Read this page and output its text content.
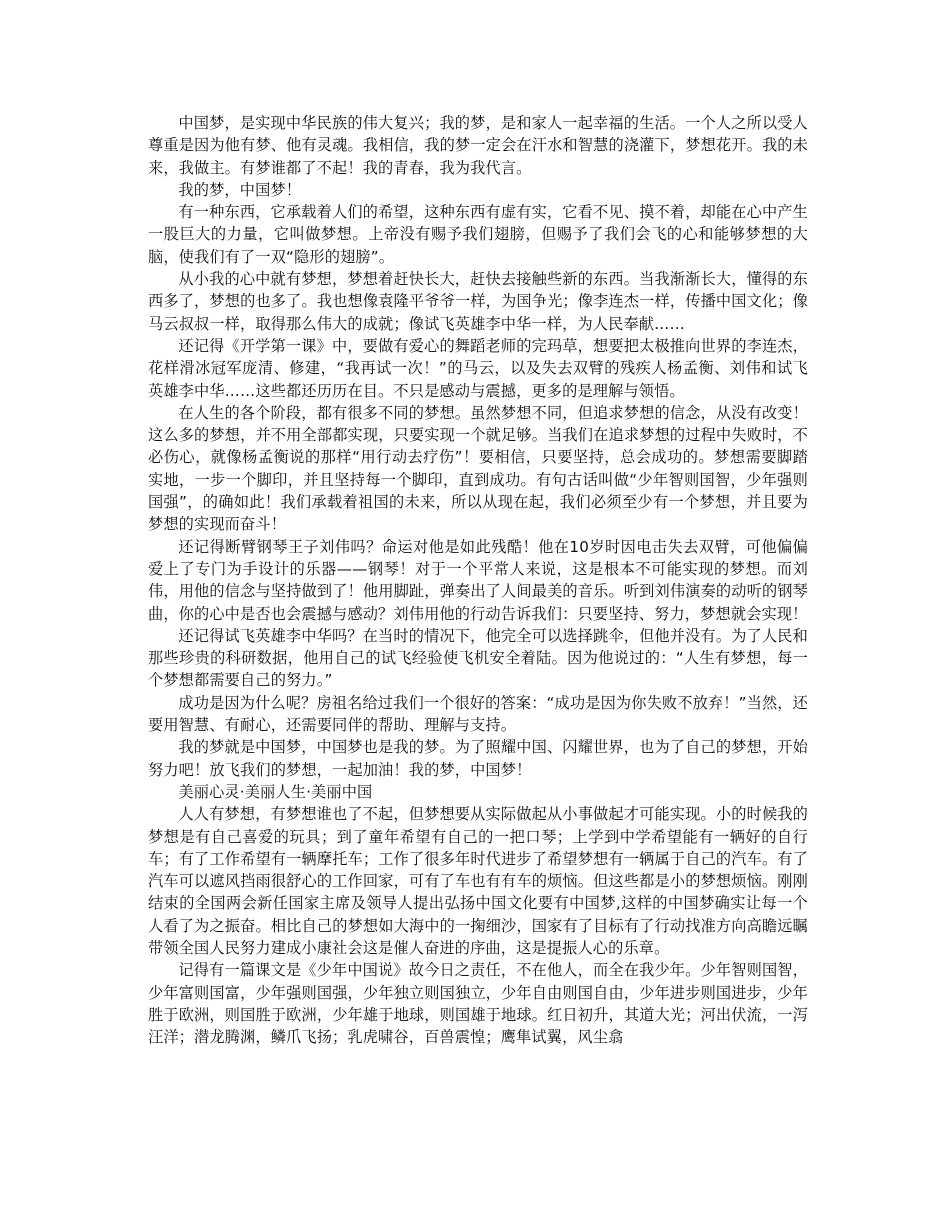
中国梦，是实现中华民族的伟大复兴；我的梦，是和家人一起幸福的生活。一个人之所以受人尊重是因为他有梦、他有灵魂。我相信，我的梦一定会在汗水和智慧的浇灌下，梦想花开。我的未来，我做主。有梦谁都了不起！我的青春，我为我代言。

我的梦，中国梦！

有一种东西，它承载着人们的希望，这种东西有虚有实，它看不见、摸不着，却能在心中产生一股巨大的力量，它叫做梦想。上帝没有赐予我们翅膀，但赐予了我们会飞的心和能够梦想的大脑，使我们有了一双“隐形的翅膀”。

从小我的心中就有梦想，梦想着赶快长大，赶快去接触些新的东西。当我渐渐长大，懂得的东西多了，梦想的也多了。我也想像袁隆平爷爷一样，为国争光；像李连杰一样，传播中国文化；像马云叔叔一样，取得那么伟大的成就；像试飞英雄李中华一样，为人民奉献……

还记得《开学第一课》中，要做有爱心的舞蹈老师的完玛草，想要把太极推向世界的李连杰，花样滑冰冠军庞清、修建，“我再试一次！”的马云，以及失去双臂的残疾人杨孟衡、刘伟和试飞英雄李中华……这些都还历历在目。不只是感动与震撼，更多的是理解与领悟。

在人生的各个阶段，都有很多不同的梦想。虽然梦想不同，但追求梦想的信念，从没有改变！这么多的梦想，并不用全部都实现，只要实现一个就足够。当我们在追求梦想的过程中失败时，不必伤心，就像杨孟衡说的那样“用行动去疗伤”！要相信，只要坚持，总会成功的。梦想需要脚踏实地，一步一个脚印，并且坚持每一个脚印，直到成功。有句古话叫做“少年智则国智，少年强则国强”，的确如此！我们承载着祖国的未来，所以从现在起，我们必须至少有一个梦想，并且要为梦想的实现而奋斗！

还记得断臂钢琴王子刘伟吗？命运对他是如此残酷！他在10岁时因电击失去双臂，可他偏偏爱上了专门为手设计的乐器——钢琴！对于一个平常人来说，这是根本不可能实现的梦想。而刘伟，用他的信念与坚持做到了！他用脚趾，弹奏出了人间最美的音乐。听到刘伟演奏的动听的钢琴曲，你的心中是否也会震撼与感动？刘伟用他的行动告诉我们：只要坚持、努力，梦想就会实现！

还记得试飞英雄李中华吗？在当时的情况下，他完全可以选择跳伞，但他并没有。为了人民和那些珍贵的科研数据，他用自己的试飞经验使飞机安全着陆。因为他说过的：“人生有梦想，每一个梦想都需要自己的努力。”

成功是因为什么呢？房祖名给过我们一个很好的答案：“成功是因为你失败不放弃！”当然，还要用智慧、有耐心，还需要同伴的帮助、理解与支持。

我的梦就是中国梦，中国梦也是我的梦。为了照耀中国、闪耀世界，也为了自己的梦想，开始努力吧！放飞我们的梦想，一起加油！我的梦，中国梦！

美丽心灵·美丽人生·美丽中国

人人有梦想，有梦想谁也了不起，但梦想要从实际做起从小事做起才可能实现。小的时候我的梦想是有自己喜爱的玩具；到了童年希望有自己的一把口琴；上学到中学希望能有一辆好的自行车；有了工作希望有一辆摩托车；工作了很多年时代进步了希望梦想有一辆属于自己的汽车。有了汽车可以遮风挡雨很舒心的工作回家，可有了车也有有车的烦恼。但这些都是小的梦想烦恼。刚刚结束的全国两会新任国家主席及领导人提出弘扬中国文化要有中国梦,这样的中国梦确实让每一个人看了为之振奋。相比自己的梦想如大海中的一掬细沙，国家有了目标有了行动找准方向高瞻远瞩带领全国人民努力建成小康社会这是催人奋进的序曲，这是提振人心的乐章。

记得有一篇课文是《少年中国说》故今日之责任，不在他人，而全在我少年。少年智则国智，少年富则国富，少年强则国强，少年独立则国独立，少年自由则国自由，少年进步则国进步，少年胜于欧洲，则国胜于欧洲，少年雄于地球，则国雄于地球。红日初升，其道大光；河出伏流，一泻汪洋；潜龙腾渊，鳞爪飞扬；乳虎啸谷，百兽震惶；鹰隼试翼，风尘翕
